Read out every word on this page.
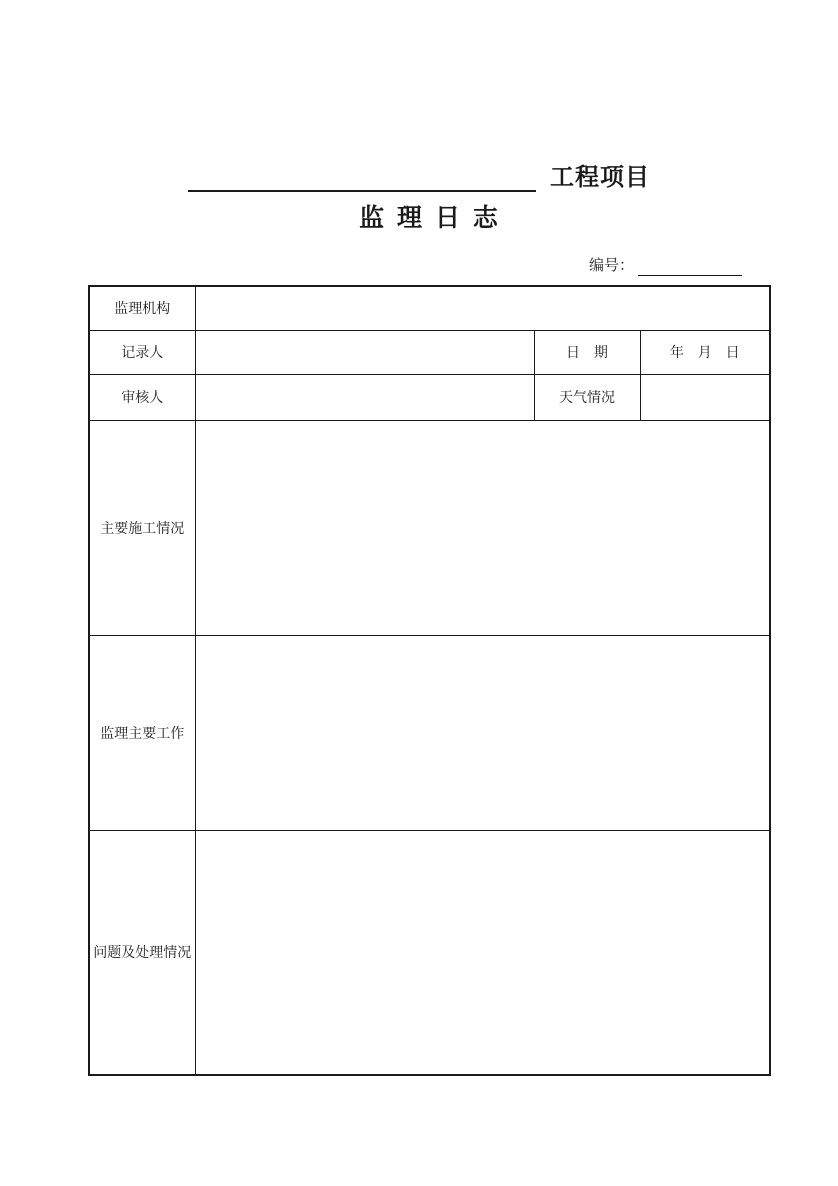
工程项目
监 理 日 志
编号：
监理机构			
记录人		日 期	年 月 日
审核人		天气情况	
主要施工情况			
监理主要工作			
问题及处理情况			
